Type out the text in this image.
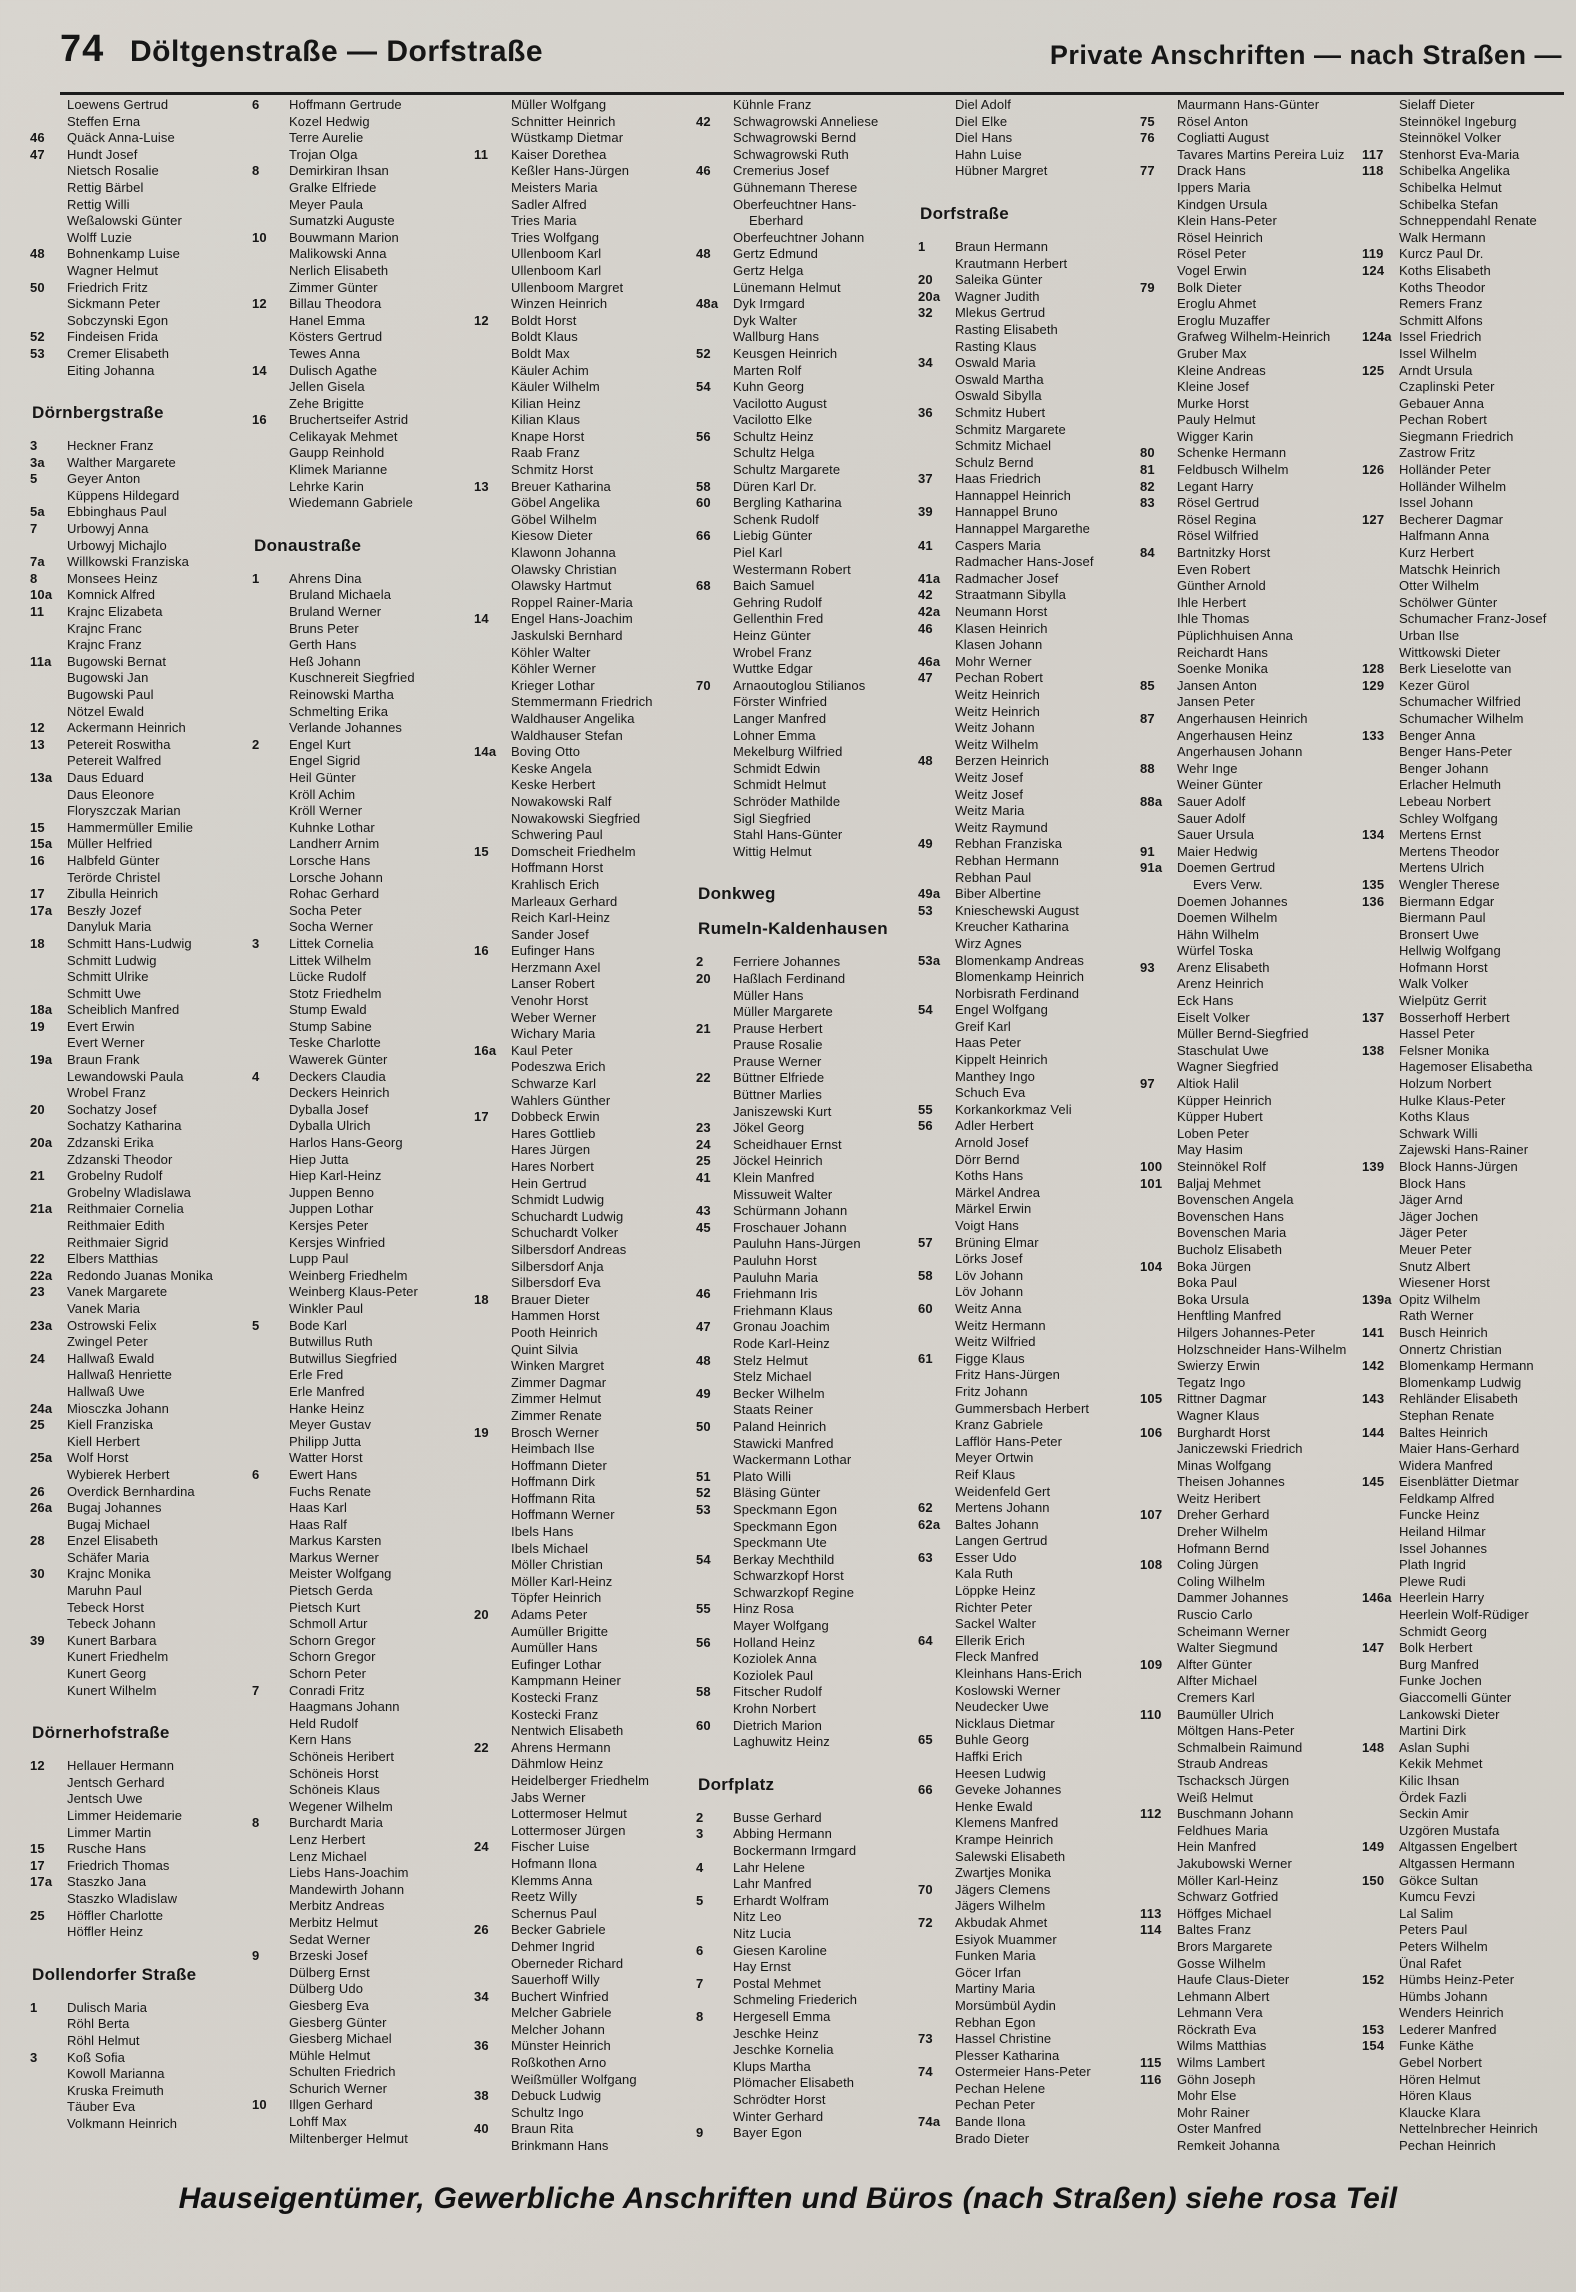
74 Döltgenstraße — Dorfstraße	Private Anschriften — nach Straßen —
Loewens Gertrud
Steffen Erna
46 Quäck Anna-Luise
47 Hundt Josef
Nietsch Rosalie
Rettig Bärbel
Rettig Willi
Weßalowski Günter
Wolff Luzie
48 Bohnenkamp Luise
Wagner Helmut
50 Friedrich Fritz
Sickmann Peter
Sobczynski Egon
52 Findeisen Frida
53 Cremer Elisabeth
Eiting Johanna
Dörnbergstraße
3 Heckner Franz
3a Walther Margarete
5 Geyer Anton
Küppens Hildegard
5a Ebbinghaus Paul
7 Urbowyj Anna
Urbowyj Michajlo
7a Willkowski Franziska
8 Monsees Heinz
10a Komnick Alfred
11 Krajnc Elizabeta
Krajnc Franc
Krajnc Franz
11a Bugowski Bernat
Bugowski Jan
Bugowski Paul
Nötzel Ewald
12 Ackermann Heinrich
13 Petereit Roswitha
Petereit Walfred
13a Daus Eduard
Daus Eleonore
Floryszczak Marian
15 Hammermüller Emilie
15a Müller Helfried
16 Halbfeld Günter
Terörde Christel
17 Zibulla Heinrich
17a Beszły Jozef
Danyluk Maria
18 Schmitt Hans-Ludwig
Schmitt Ludwig
Schmitt Ulrike
Schmitt Uwe
18a Scheiblich Manfred
19 Evert Erwin
Evert Werner
19a Braun Frank
Lewandowski Paula
Wrobel Franz
20 Sochatzy Josef
Sochatzy Katharina
20a Zdzanski Erika
Zdzanski Theodor
21 Grobelny Rudolf
Grobelny Wladislawa
21a Reithmaier Cornelia
Reithmaier Edith
Reithmaier Sigrid
22 Elbers Matthias
22a Redondo Juanas Monika
23 Vanek Margarete
Vanek Maria
23a Ostrowski Felix
Zwingel Peter
24 Hallwaß Ewald
Hallwaß Henriette
Hallwaß Uwe
24a Miosczka Johann
25 Kiell Franziska
Kiell Herbert
25a Wolf Horst
Wybierek Herbert
26 Overdick Bernhardina
26a Bugaj Johannes
Bugaj Michael
28 Enzel Elisabeth
Schäfer Maria
30 Krajnc Monika
Maruhn Paul
Tebeck Horst
Tebeck Johann
39 Kunert Barbara
Kunert Friedhelm
Kunert Georg
Kunert Wilhelm
Dörnerhofstraße
12 Hellauer Hermann
Jentsch Gerhard
Jentsch Uwe
Limmer Heidemarie
Limmer Martin
15 Rusche Hans
17 Friedrich Thomas
17a Staszko Jana
Staszko Wladislaw
25 Höffler Charlotte
Höffler Heinz
Dollendorfer Straße
1 Dulisch Maria
Röhl Berta
Röhl Helmut
3 Koß Sofia
Kowoll Marianna
Kruska Freimuth
Täuber Eva
Volkmann Heinrich
6 Hoffmann Gertrude
Kozel Hedwig
Terre Aurelie
Trojan Olga
8 Demirkiran Ihsan
Gralke Elfriede
Meyer Paula
Sumatzki Auguste
10 Bouwmann Marion
Malikowski Anna
Nerlich Elisabeth
Zimmer Günter
12 Billau Theodora
Hanel Emma
Kösters Gertrud
Tewes Anna
14 Dulisch Agathe
Jellen Gisela
Zehe Brigitte
16 Bruchertseifer Astrid
Celikayak Mehmet
Gaupp Reinhold
Klimek Marianne
Lehrke Karin
Wiedemann Gabriele
Donaustraße
1 Ahrens Dina
Bruland Michaela
Bruland Werner
Bruns Peter
Gerth Hans
Heß Johann
Kuschnereit Siegfried
Reinowski Martha
Schmelting Erika
Verlande Johannes
2 Engel Kurt
Engel Sigrid
Heil Günter
Kröll Achim
Kröll Werner
Kuhnke Lothar
Landherr Arnim
Lorsche Hans
Lorsche Johann
Rohac Gerhard
Socha Peter
Socha Werner
3 Littek Cornelia
Littek Wilhelm
Lücke Rudolf
Stotz Friedhelm
Stump Ewald
Stump Sabine
Teske Charlotte
Wawerek Günter
4 Deckers Claudia
Deckers Heinrich
Dyballa Josef
Dyballa Ulrich
Harlos Hans-Georg
Hiep Jutta
Hiep Karl-Heinz
Juppen Benno
Juppen Lothar
Kersjes Peter
Kersjes Winfried
Lupp Paul
Weinberg Friedhelm
Weinberg Klaus-Peter
Winkler Paul
5 Bode Karl
Butwillus Ruth
Butwillus Siegfried
Erle Fred
Erle Manfred
Hanke Heinz
Meyer Gustav
Philipp Jutta
Watter Horst
6 Ewert Hans
Fuchs Renate
Haas Karl
Haas Ralf
Markus Karsten
Markus Werner
Meister Wolfgang
Pietsch Gerda
Pietsch Kurt
Schmoll Artur
Schorn Gregor
Schorn Gregor
Schorn Peter
7 Conradi Fritz
Haagmans Johann
Held Rudolf
Kern Hans
Schöneis Heribert
Schöneis Horst
Schöneis Klaus
Wegener Wilhelm
8 Burchardt Maria
Lenz Herbert
Lenz Michael
Liebs Hans-Joachim
Mandewirth Johann
Merbitz Andreas
Merbitz Helmut
Sedat Werner
9 Brzeski Josef
Dülberg Ernst
Dülberg Udo
Giesberg Eva
Giesberg Günter
Giesberg Michael
Mühle Helmut
Schulten Friedrich
Schurich Werner
10 Illgen Gerhard
Lohff Max
Miltenberger Helmut
Müller Wolfgang
Schnitter Heinrich
Wüstkamp Dietmar
11 Kaiser Dorethea
Keßler Hans-Jürgen
Meisters Maria
Sadler Alfred
Tries Maria
Tries Wolfgang
Ullenboom Karl
Ullenboom Karl
Ullenboom Margret
Winzen Heinrich
12 Boldt Horst
Boldt Klaus
Boldt Max
Käuler Achim
Käuler Wilhelm
Kilian Heinz
Kilian Klaus
Knape Horst
Raab Franz
Schmitz Horst
13 Breuer Katharina
Göbel Angelika
Göbel Wilhelm
Kiesow Dieter
Klawonn Johanna
Olawsky Christian
Olawsky Hartmut
Roppel Rainer-Maria
14 Engel Hans-Joachim
Jaskulski Bernhard
Köhler Walter
Köhler Werner
Krieger Lothar
Stemmermann Friedrich
Waldhauser Angelika
Waldhauser Stefan
14a Boving Otto
Keske Angela
Keske Herbert
Nowakowski Ralf
Nowakowski Siegfried
Schwering Paul
15 Domscheit Friedhelm
Hoffmann Horst
Krahlisch Erich
Marleaux Gerhard
Reich Karl-Heinz
Sander Josef
16 Eufinger Hans
Herzmann Axel
Lanser Robert
Venohr Horst
Weber Werner
Wichary Maria
16a Kaul Peter
Podeszwa Erich
Schwarze Karl
Wahlers Günther
17 Dobbeck Erwin
Hares Gottlieb
Hares Jürgen
Hares Norbert
Hein Gertrud
Schmidt Ludwig
Schuchardt Ludwig
Schuchardt Volker
Silbersdorf Andreas
Silbersdorf Anja
Silbersdorf Eva
18 Brauer Dieter
Hammen Horst
Pooth Heinrich
Quint Silvia
Winken Margret
Zimmer Dagmar
Zimmer Helmut
Zimmer Renate
19 Brosch Werner
Heimbach Ilse
Hoffmann Dieter
Hoffmann Dirk
Hoffmann Rita
Hoffmann Werner
Ibels Hans
Ibels Michael
Möller Christian
Möller Karl-Heinz
Töpfer Heinrich
20 Adams Peter
Aumüller Brigitte
Aumüller Hans
Eufinger Lothar
Kampmann Heiner
Kostecki Franz
Kostecki Franz
Nentwich Elisabeth
22 Ahrens Hermann
Dähmlow Heinz
Heidelberger Friedhelm
Jabs Werner
Lottermoser Helmut
Lottermoser Jürgen
24 Fischer Luise
Hofmann Ilona
Klemms Anna
Reetz Willy
Schernus Paul
26 Becker Gabriele
Dehmer Ingrid
Oberneder Richard
Sauerhoff Willy
34 Buchert Winfried
Melcher Gabriele
Melcher Johann
36 Münster Heinrich
Roßkothen Arno
Weißmüller Wolfgang
38 Debuck Ludwig
Schultz Ingo
40 Braun Rita
Brinkmann Hans
Kühnle Franz
42 Schwagrowski Anneliese
Schwagrowski Bernd
Schwagrowski Ruth
46 Cremerius Josef
Gühnemann Therese
Oberfeuchtner Hans-
Eberhard
Oberfeuchtner Johann
48 Gertz Edmund
Gertz Helga
Lünemann Helmut
48a Dyk Irmgard
Dyk Walter
Wallburg Hans
52 Keusgen Heinrich
Marten Rolf
54 Kuhn Georg
Vacilotto August
Vacilotto Elke
56 Schultz Heinz
Schultz Helga
Schultz Margarete
58 Düren Karl Dr.
60 Bergling Katharina
Schenk Rudolf
66 Liebig Günter
Piel Karl
Westermann Robert
68 Baich Samuel
Gehring Rudolf
Gellenthin Fred
Heinz Günter
Wrobel Franz
Wuttke Edgar
70 Arnaoutoglou Stilianos
Förster Winfried
Langer Manfred
Lohner Emma
Mekelburg Wilfried
Schmidt Edwin
Schmidt Helmut
Schröder Mathilde
Sigl Siegfried
Stahl Hans-Günter
Wittig Helmut
Donkweg
Rumeln-Kaldenhausen
2 Ferriere Johannes
20 Haßlach Ferdinand
Müller Hans
Müller Margarete
21 Prause Herbert
Prause Rosalie
Prause Werner
22 Büttner Elfriede
Büttner Marlies
Janiszewski Kurt
23 Jökel Georg
24 Scheidhauer Ernst
25 Jöckel Heinrich
41 Klein Manfred
Missuweit Walter
43 Schürmann Johann
45 Froschauer Johann
Pauluhn Hans-Jürgen
Pauluhn Horst
Pauluhn Maria
46 Friehmann Iris
Friehmann Klaus
47 Gronau Joachim
Rode Karl-Heinz
48 Stelz Helmut
Stelz Michael
49 Becker Wilhelm
Staats Reiner
50 Paland Heinrich
Stawicki Manfred
Wackermann Lothar
51 Plato Willi
52 Bläsing Günter
53 Speckmann Egon
Speckmann Egon
Speckmann Ute
54 Berkay Mechthild
Schwarzkopf Horst
Schwarzkopf Regine
55 Hinz Rosa
Mayer Wolfgang
56 Holland Heinz
Koziolek Anna
Koziolek Paul
58 Fitscher Rudolf
Krohn Norbert
60 Dietrich Marion
Laghuwitz Heinz
Dorfplatz
2 Busse Gerhard
3 Abbing Hermann
Bockermann Irmgard
4 Lahr Helene
Lahr Manfred
5 Erhardt Wolfram
Nitz Leo
Nitz Lucia
6 Giesen Karoline
Hay Ernst
7 Postal Mehmet
Schmeling Friederich
8 Hergesell Emma
Jeschke Heinz
Jeschke Kornelia
Klups Martha
Plömacher Elisabeth
Schrödter Horst
Winter Gerhard
9 Bayer Egon
Diel Adolf
Diel Elke
Diel Hans
Hahn Luise
Hübner Margret
Dorfstraße
1 Braun Hermann
Krautmann Herbert
20 Saleika Günter
20a Wagner Judith
32 Mlekus Gertrud
Rasting Elisabeth
Rasting Klaus
34 Oswald Maria
Oswald Martha
Oswald Sibylla
36 Schmitz Hubert
Schmitz Margarete
Schmitz Michael
Schulz Bernd
37 Haas Friedrich
Hannappel Heinrich
39 Hannappel Bruno
Hannappel Margarethe
41 Caspers Maria
Radmacher Hans-Josef
41a Radmacher Josef
42 Straatmann Sibylla
42a Neumann Horst
46 Klasen Heinrich
Klasen Johann
46a Mohr Werner
47 Pechan Robert
Weitz Heinrich
Weitz Heinrich
Weitz Johann
Weitz Wilhelm
48 Berzen Heinrich
Weitz Josef
Weitz Josef
Weitz Maria
Weitz Raymund
49 Rebhan Franziska
Rebhan Hermann
Rebhan Paul
49a Biber Albertine
53 Knieschewski August
Kreucher Katharina
Wirz Agnes
53a Blomenkamp Andreas
Blomenkamp Heinrich
Norbisrath Ferdinand
54 Engel Wolfgang
Greif Karl
Haas Peter
Kippelt Heinrich
Manthey Ingo
Schuch Eva
55 Korkankorkmaz Veli
56 Adler Herbert
Arnold Josef
Dörr Bernd
Koths Hans
Märkel Andrea
Märkel Erwin
Voigt Hans
57 Brüning Elmar
Lörks Josef
58 Löv Johann
Löv Johann
60 Weitz Anna
Weitz Hermann
Weitz Wilfried
61 Figge Klaus
Fritz Hans-Jürgen
Fritz Johann
Gummersbach Herbert
Kranz Gabriele
Lafflör Hans-Peter
Meyer Ortwin
Reif Klaus
Weidenfeld Gert
62 Mertens Johann
62a Baltes Johann
Langen Gertrud
63 Esser Udo
Kala Ruth
Löppke Heinz
Richter Peter
Sackel Walter
64 Ellerik Erich
Fleck Manfred
Kleinhans Hans-Erich
Koslowski Werner
Neudecker Uwe
Nicklaus Dietmar
65 Buhle Georg
Haffki Erich
Heesen Ludwig
66 Geveke Johannes
Henke Ewald
Klemens Manfred
Krampe Heinrich
Salewski Elisabeth
Zwartjes Monika
70 Jägers Clemens
Jägers Wilhelm
72 Akbudak Ahmet
Esiyok Muammer
Funken Maria
Göcer Irfan
Martiny Maria
Morsümbül Aydin
Rebhan Egon
73 Hassel Christine
Plesser Katharina
74 Ostermeier Hans-Peter
Pechan Helene
Pechan Peter
74a Bande Ilona
Brado Dieter
Maurmann Hans-Günter
75 Rösel Anton
76 Cogliatti August
Tavares Martins Pereira Luiz
77 Drack Hans
Ippers Maria
Kindgen Ursula
Klein Hans-Peter
Rösel Heinrich
Rösel Peter
Vogel Erwin
79 Bolk Dieter
Eroglu Ahmet
Eroglu Muzaffer
Grafweg Wilhelm-Heinrich
Gruber Max
Kleine Andreas
Kleine Josef
Murke Horst
Pauly Helmut
Wigger Karin
80 Schenke Hermann
81 Feldbusch Wilhelm
82 Legant Harry
83 Rösel Gertrud
Rösel Regina
Rösel Wilfried
84 Bartnitzky Horst
Even Robert
Günther Arnold
Ihle Herbert
Ihle Thomas
Püplichhuisen Anna
Reichardt Hans
Soenke Monika
85 Jansen Anton
Jansen Peter
87 Angerhausen Heinrich
Angerhausen Heinz
Angerhausen Johann
88 Wehr Inge
Weiner Günter
88a Sauer Adolf
Sauer Adolf
Sauer Ursula
91 Maier Hedwig
91a Doemen Gertrud
Evers Verw.
Doemen Johannes
Doemen Wilhelm
Hähn Wilhelm
Würfel Toska
93 Arenz Elisabeth
Arenz Heinrich
Eck Hans
Eiselt Volker
Müller Bernd-Siegfried
Staschulat Uwe
Wagner Siegfried
97 Altiok Halil
Küpper Heinrich
Küpper Hubert
Loben Peter
May Hasim
100 Steinnökel Rolf
101 Baljaj Mehmet
Bovenschen Angela
Bovenschen Hans
Bovenschen Maria
Bucholz Elisabeth
104 Boka Jürgen
Boka Paul
Boka Ursula
Henftling Manfred
Hilgers Johannes-Peter
Holzschneider Hans-Wilhelm
Swierzy Erwin
Tegatz Ingo
105 Rittner Dagmar
Wagner Klaus
106 Burghardt Horst
Janiczewski Friedrich
Minas Wolfgang
Theisen Johannes
Weitz Heribert
107 Dreher Gerhard
Dreher Wilhelm
Hofmann Bernd
108 Coling Jürgen
Coling Wilhelm
Dammer Johannes
Ruscio Carlo
Scheimann Werner
Walter Siegmund
109 Alfter Günter
Alfter Michael
Cremers Karl
110 Baumüller Ulrich
Möltgen Hans-Peter
Schmalbein Raimund
Straub Andreas
Tschacksch Jürgen
Weiß Helmut
112 Buschmann Johann
Feldhues Maria
Hein Manfred
Jakubowski Werner
Möller Karl-Heinz
Schwarz Gotfried
113 Höffges Michael
114 Baltes Franz
Brors Margarete
Gosse Wilhelm
Haufe Claus-Dieter
Lehmann Albert
Lehmann Vera
Röckrath Eva
Wilms Matthias
115 Wilms Lambert
116 Göhn Joseph
Mohr Else
Mohr Rainer
Oster Manfred
Remkeit Johanna
Sielaff Dieter
Steinnökel Ingeburg
Steinnökel Volker
117 Stenhorst Eva-Maria
118 Schibelka Angelika
Schibelka Helmut
Schibelka Stefan
Schneppendahl Renate
Walk Hermann
119 Kurcz Paul Dr.
124 Koths Elisabeth
Koths Theodor
Remers Franz
Schmitt Alfons
124a Issel Friedrich
Issel Wilhelm
125 Arndt Ursula
Czaplinski Peter
Gebauer Anna
Pechan Robert
Siegmann Friedrich
Zastrow Fritz
126 Holländer Peter
Holländer Wilhelm
Issel Johann
127 Becherer Dagmar
Halfmann Anna
Kurz Herbert
Matschk Heinrich
Otter Wilhelm
Schölwer Günter
Schumacher Franz-Josef
Urban Ilse
Wittkowski Dieter
128 Berk Lieselotte van
129 Kezer Gürol
Schumacher Wilfried
Schumacher Wilhelm
133 Benger Anna
Benger Hans-Peter
Benger Johann
Erlacher Helmuth
Lebeau Norbert
Schley Wolfgang
134 Mertens Ernst
Mertens Theodor
Mertens Ulrich
135 Wengler Therese
136 Biermann Edgar
Biermann Paul
Bronsert Uwe
Hellwig Wolfgang
Hofmann Horst
Walk Volker
Wielpütz Gerrit
137 Bosserhoff Herbert
Hassel Peter
138 Felsner Monika
Hagemoser Elisabetha
Holzum Norbert
Hulke Klaus-Peter
Koths Klaus
Schwark Willi
Zajewski Hans-Rainer
139 Block Hanns-Jürgen
Block Hans
Jäger Arnd
Jäger Jochen
Jäger Peter
Meuer Peter
Snutz Albert
Wiesener Horst
139a Opitz Wilhelm
Rath Werner
141 Busch Heinrich
Onnertz Christian
142 Blomenkamp Hermann
Blomenkamp Ludwig
143 Rehländer Elisabeth
Stephan Renate
144 Baltes Heinrich
Maier Hans-Gerhard
Widera Manfred
145 Eisenblätter Dietmar
Feldkamp Alfred
Funcke Heinz
Heiland Hilmar
Issel Johannes
Plath Ingrid
Plewe Rudi
146a Heerlein Harry
Heerlein Wolf-Rüdiger
Schmidt Georg
147 Bolk Herbert
Burg Manfred
Funke Jochen
Giaccomelli Günter
Lankowski Dieter
Martini Dirk
148 Aslan Suphi
Kekik Mehmet
Kilic Ihsan
Ördek Fazli
Seckin Amir
Uzgören Mustafa
149 Altgassen Engelbert
Altgassen Hermann
150 Gökce Sultan
Kumcu Fevzi
Lal Salim
Peters Paul
Peters Wilhelm
Ünal Rafet
152 Hümbs Heinz-Peter
Hümbs Johann
Wenders Heinrich
153 Lederer Manfred
154 Funke Käthe
Gebel Norbert
Hören Helmut
Hören Klaus
Klaucke Klara
Nettelnbrecher Heinrich
Pechan Heinrich
Hauseigentümer, Gewerbliche Anschriften und Büros (nach Straßen) siehe rosa Teil
